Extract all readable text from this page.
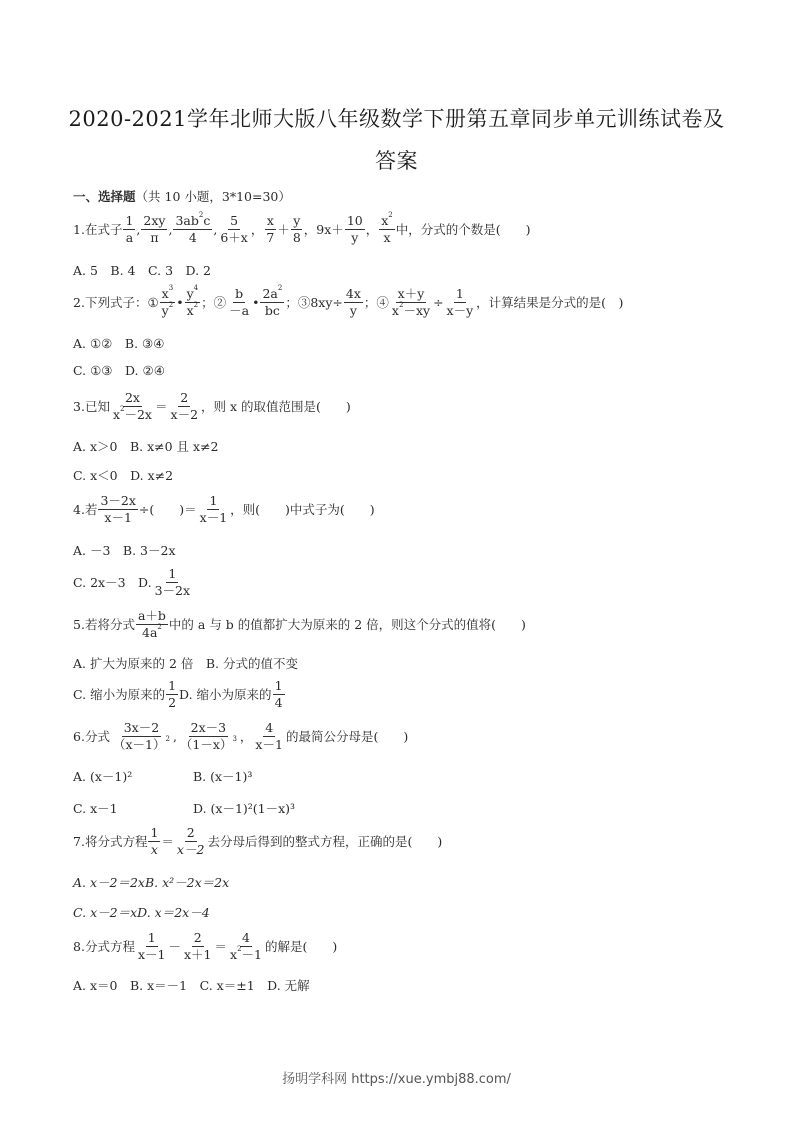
2020-2021学年北师大版八年级数学下册第五章同步单元训练试卷及
答案
一、选择题 （共 10 小题，3*10=30）
1. 在式子 $\frac{1}{a}$ , $\frac{2xy}{\pi}$ , $\frac{3ab^2c}{4}$ , $\frac{5}{6+x}$ ， $\frac{x}{7} + \frac{y}{8}$ ，$9x+ \frac{10}{y}$ ， $\frac{x^2}{x}$ 中，分式的个数是(　　)
A. 5　B. 4　C. 3　D. 2
2. 下列式子： ① $\frac{x^3}{y^2}$ • $\frac{y^4}{x^2}$ ；② $\frac{b}{-a}$ • $\frac{2a^2}{bc}$ ；③8xy÷ $\frac{4x}{y}$ ；④ $\frac{x+y}{x^2-xy} \div \frac{1}{x-y}$ ，计算结果是分式的是(　)
A. ①②　B. ③④
C. ①③　D. ②④
3. 已知 $\frac{2x}{x^2-2x} = \frac{2}{x-2}$ ，则 x 的取值范围是(　　)
A. x＞0　B. x≠0 且 x≠2
C. x＜0　D. x≠2
4. 若 $\frac{3-2x}{x-1}$ ÷(　　)＝ $\frac{1}{x-1}$ ，则(　　)中式子为(　　)
A. －3　B. 3－2x
C. 2x－3　D. $\frac{1}{3-2x}$
5. 若将分式 $\frac{a+b}{4a^2}$ 中的 a 与 b 的值都扩大为原来的 2 倍，则这个分式的值将(　　)
A. 扩大为原来的 2 倍　B. 分式的值不变
C. 缩小为原来的 $\frac{1}{2} D$. 缩小为原来的 $\frac{1}{4}$
6. 分式 $\frac{3x-2}{(x-1)^2}$ , $\frac{2x-3}{(1-x)^3}$ ， $\frac{4}{x-1}$ 的最简公分母是(　　)
A. (x－1)²	B. (x－1)³
C. x－1	D. (x－1)²(1－x)³
7. 将分式方程 $\frac{1}{x} = \frac{2}{x-2}$ 去分母后得到的整式方程，正确的是(　　)
A. x－2＝2xB. x²－2x＝2x
C. x－2＝xD. x＝2x－4
8. 分式方程 $\frac{1}{x-1} - \frac{2}{x+1} = \frac{4}{x^2-1}$ 的解是(　　)
A. x＝0　B. x＝－1　C. x＝±1　D. 无解
扬明学科网 https://xue.ymbj88.com/
